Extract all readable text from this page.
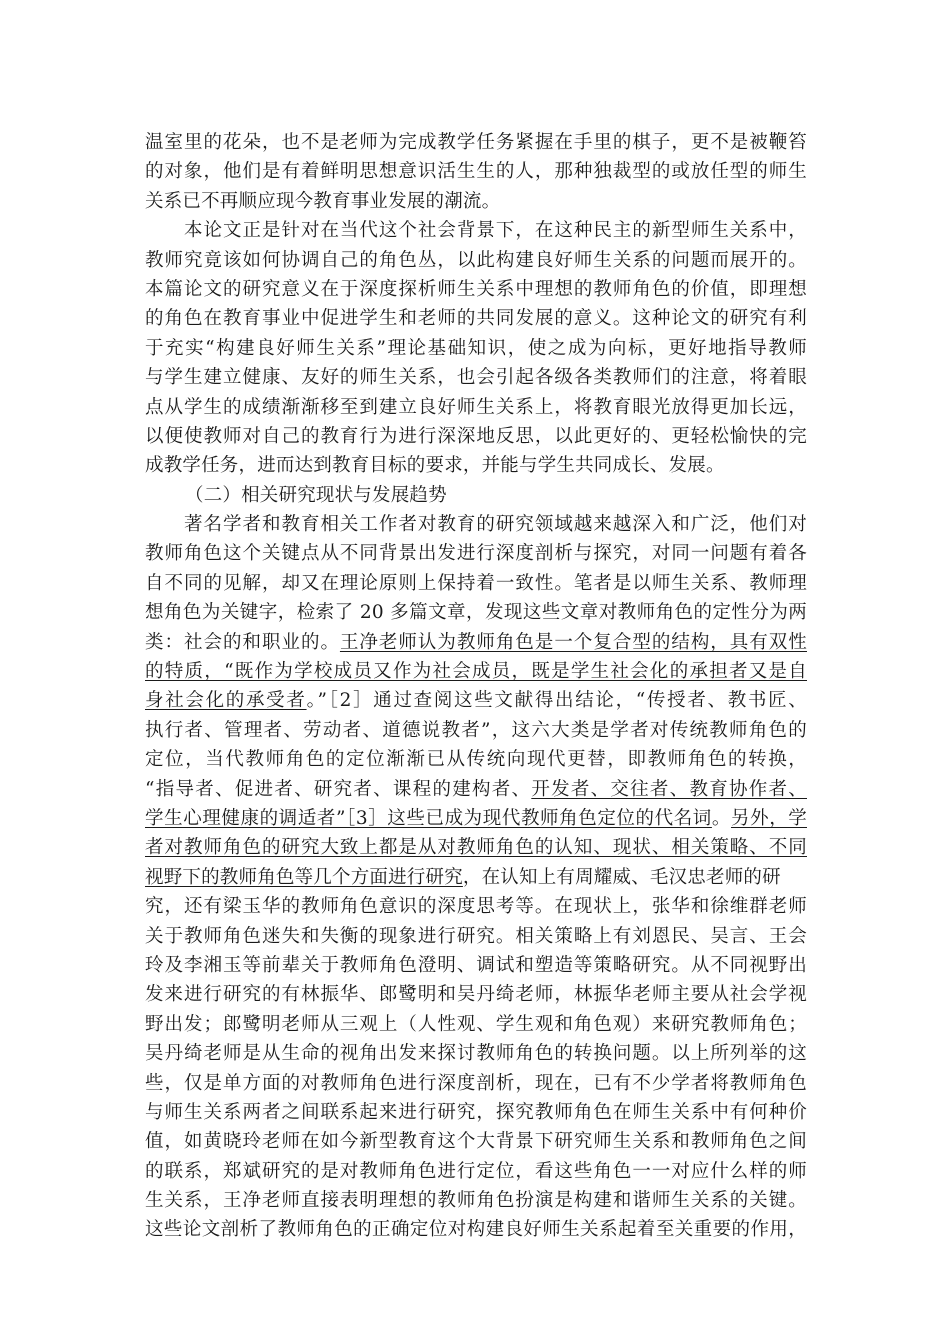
温室里的花朵，也不是老师为完成教学任务紧握在手里的棋子，更不是被鞭笞
的对象，他们是有着鲜明思想意识活生生的人，那种独裁型的或放任型的师生
关系已不再顺应现今教育事业发展的潮流。
　　本论文正是针对在当代这个社会背景下，在这种民主的新型师生关系中，
教师究竟该如何协调自己的角色丛，以此构建良好师生关系的问题而展开的。
本篇论文的研究意义在于深度探析师生关系中理想的教师角色的价值，即理想
的角色在教育事业中促进学生和老师的共同发展的意义。这种论文的研究有利
于充实“构建良好师生关系”理论基础知识，使之成为向标，更好地指导教师
与学生建立健康、友好的师生关系，也会引起各级各类教师们的注意，将着眼
点从学生的成绩渐渐移至到建立良好师生关系上，将教育眼光放得更加长远，
以便使教师对自己的教育行为进行深深地反思，以此更好的、更轻松愉快的完
成教学任务，进而达到教育目标的要求，并能与学生共同成长、发展。
（二）相关研究现状与发展趋势
　　著名学者和教育相关工作者对教育的研究领域越来越深入和广泛，他们对
教师角色这个关键点从不同背景出发进行深度剖析与探究，对同一问题有着各
自不同的见解，却又在理论原则上保持着一致性。笔者是以师生关系、教师理
想角色为关键字，检索了 20 多篇文章，发现这些文章对教师角色的定性分为两
类：社会的和职业的。王净老师认为教师角色是一个复合型的结构，具有双性
的特质，“既作为学校成员又作为社会成员，既是学生社会化的承担者又是自
身社会化的承受者。”［2］通过查阅这些文献得出结论，“传授者、教书匠、
执行者、管理者、劳动者、道德说教者”，这六大类是学者对传统教师角色的
定位，当代教师角色的定位渐渐已从传统向现代更替，即教师角色的转换，
“指导者、促进者、研究者、课程的建构者、开发者、交往者、教育协作者、
学生心理健康的调适者”［3］这些已成为现代教师角色定位的代名词。另外，学
者对教师角色的研究大致上都是从对教师角色的认知、现状、相关策略、不同
视野下的教师角色等几个方面进行研究，在认知上有周耀威、毛汉忠老师的研
究，还有梁玉华的教师角色意识的深度思考等。在现状上，张华和徐维群老师
关于教师角色迷失和失衡的现象进行研究。相关策略上有刘恩民、吴言、王会
玲及李湘玉等前辈关于教师角色澄明、调试和塑造等策略研究。从不同视野出
发来进行研究的有林振华、郎鹭明和吴丹绮老师，林振华老师主要从社会学视
野出发；郎鹭明老师从三观上（人性观、学生观和角色观）来研究教师角色；
吴丹绮老师是从生命的视角出发来探讨教师角色的转换问题。以上所列举的这
些，仅是单方面的对教师角色进行深度剖析，现在，已有不少学者将教师角色
与师生关系两者之间联系起来进行研究，探究教师角色在师生关系中有何种价
值，如黄晓玲老师在如今新型教育这个大背景下研究师生关系和教师角色之间
的联系，郑斌研究的是对教师角色进行定位，看这些角色一一对应什么样的师
生关系，王净老师直接表明理想的教师角色扮演是构建和谐师生关系的关键。
这些论文剖析了教师角色的正确定位对构建良好师生关系起着至关重要的作用，
